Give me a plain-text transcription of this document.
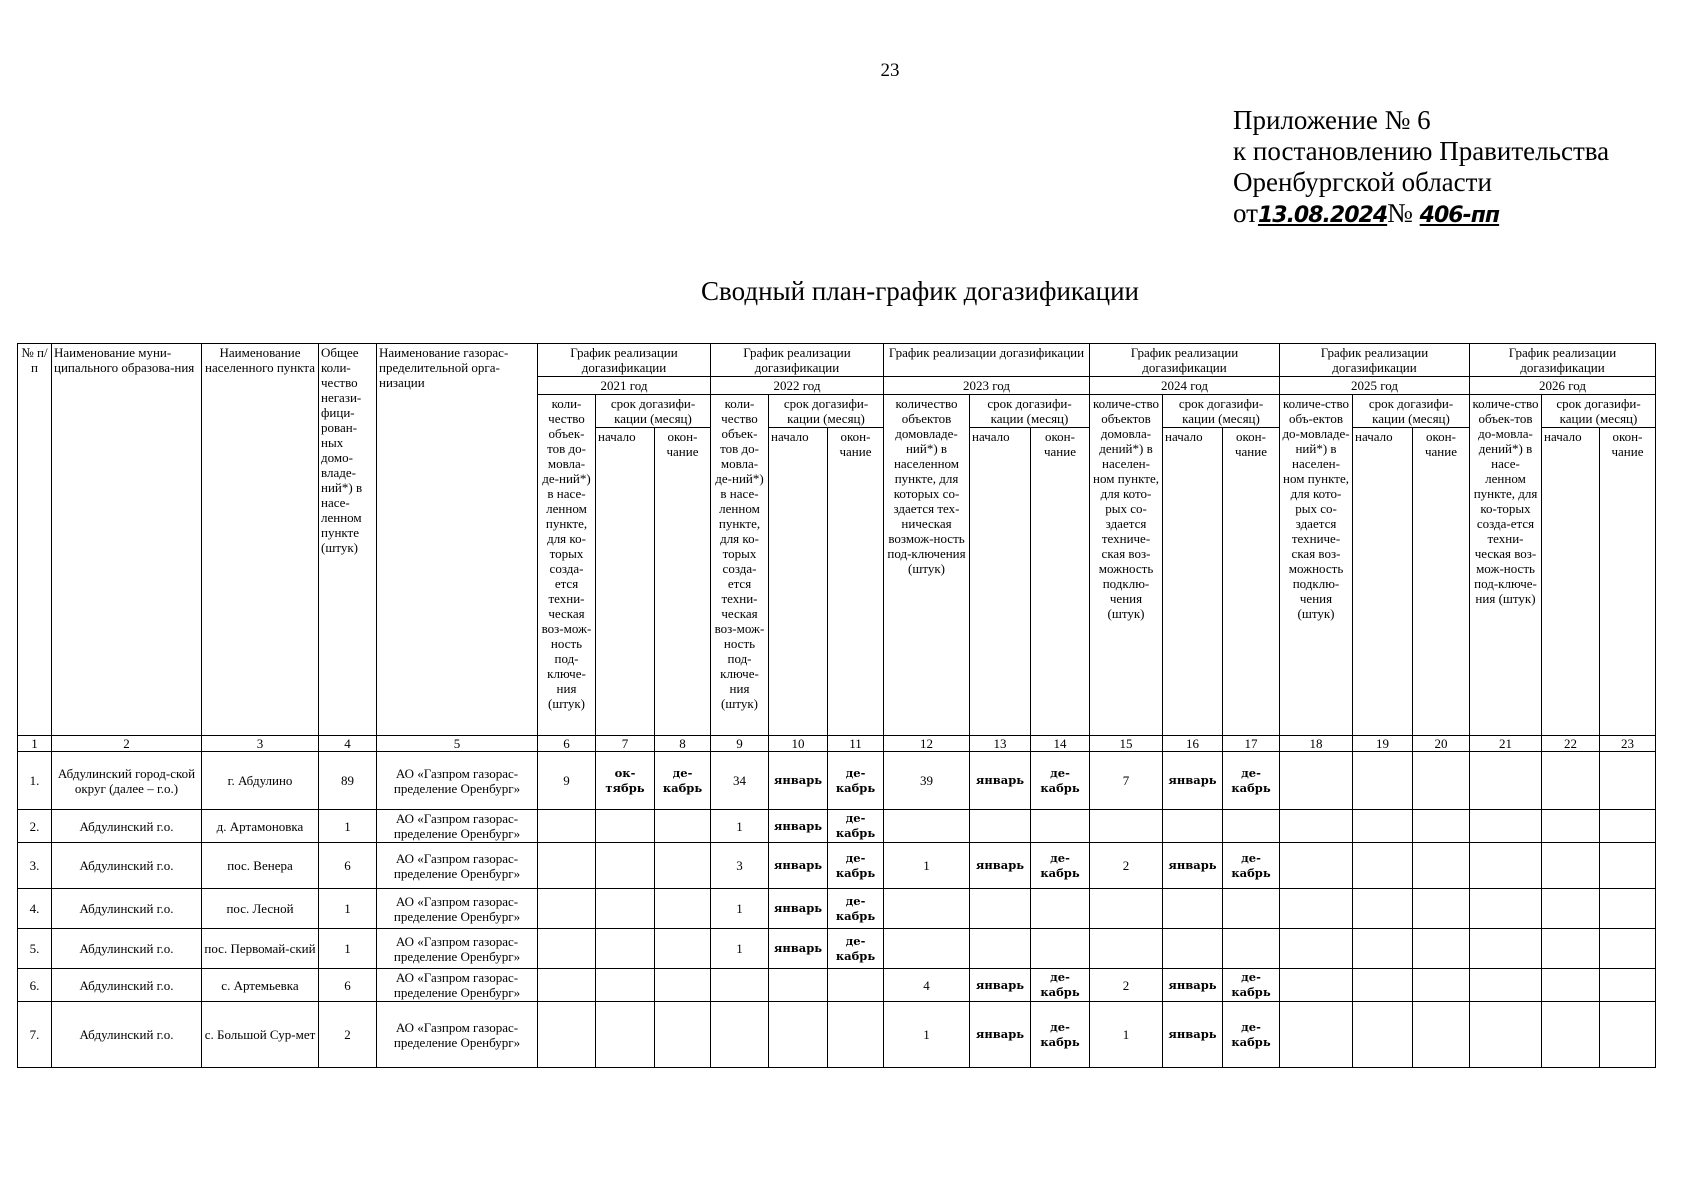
23
Приложение № 6
к постановлению Правительства
Оренбургской области
от13.08.2024№ 406-пп
Сводный план-график догазификации
№ п/п	Наименование муни-ципального образова-ния	Наименование населенного пункта	Общее коли-чество негази-фици-рован-ных домо-владе-ний*) в насе-ленном пункте (штук)	Наименование газорас-пределительной орга-низации	График реализации догазификации			График реализации догазификации			График реализации догазификации			График реализации догазификации			График реализации догазификации			График реализации догазификации		
					2021 год			2022 год			2023 год			2024 год			2025 год			2026 год		
					коли-чество объек-тов до-мовла-де-ний*) в насе-ленном пункте, для ко-торых созда-ется техни-ческая воз-мож-ность под-ключе-ния (штук)	срок догазифи-кации (месяц)		коли-чество объек-тов до-мовла-де-ний*) в насе-ленном пункте, для ко-торых созда-ется техни-ческая воз-мож-ность под-ключе-ния (штук)	срок догазифи-кации (месяц)		количество объектов домовладе-ний*) в населенном пункте, для которых со-здается тех-ническая возмож-ность под-ключения (штук)	срок догазифи-кации (месяц)		количе-ство объектов домовла-дений*) в населен-ном пункте, для кото-рых со-здается техниче-ская воз-можность подклю-чения (штук)	срок догазифи-кации (месяц)		количе-ство объ-ектов до-мовладе-ний*) в населен-ном пункте, для кото-рых со-здается техниче-ская воз-можность подклю-чения (штук)	срок догазифи-кации (месяц)		количе-ство объек-тов до-мовла-дений*) в насе-ленном пункте, для ко-торых созда-ется техни-ческая воз-мож-ность под-ключе-ния (штук)	срок догазифи-кации (месяц)	
						начало	окон-чание		начало	окон-чание		начало	окон-чание		начало	окон-чание		начало	окон-чание		начало	окон-чание
1	2	3	4	5	6	7	8	9	10	11	12	13	14	15	16	17	18	19	20	21	22	23
1.	Абдулинский город-ской округ (далее – г.о.)	г. Абдулино	89	АО «Газпром газорас-пределение Оренбург»	9	ок-тябрь	де-кабрь	34	январь	де-кабрь	39	январь	де-кабрь	7	январь	де-кабрь						
2.	Абдулинский г.о.	д. Артамоновка	1	АО «Газпром газорас-пределение Оренбург»				1	январь	де-кабрь												
3.	Абдулинский г.о.	пос. Венера	6	АО «Газпром газорас-пределение Оренбург»				3	январь	де-кабрь	1	январь	де-кабрь	2	январь	де-кабрь						
4.	Абдулинский г.о.	пос. Лесной	1	АО «Газпром газорас-пределение Оренбург»				1	январь	де-кабрь												
5.	Абдулинский г.о.	пос. Первомай-ский	1	АО «Газпром газорас-пределение Оренбург»				1	январь	де-кабрь												
6.	Абдулинский г.о.	с. Артемьевка	6	АО «Газпром газорас-пределение Оренбург»							4	январь	де-кабрь	2	январь	де-кабрь						
7.	Абдулинский г.о.	с. Большой Сур-мет	2	АО «Газпром газорас-пределение Оренбург»							1	январь	де-кабрь	1	январь	де-кабрь						
